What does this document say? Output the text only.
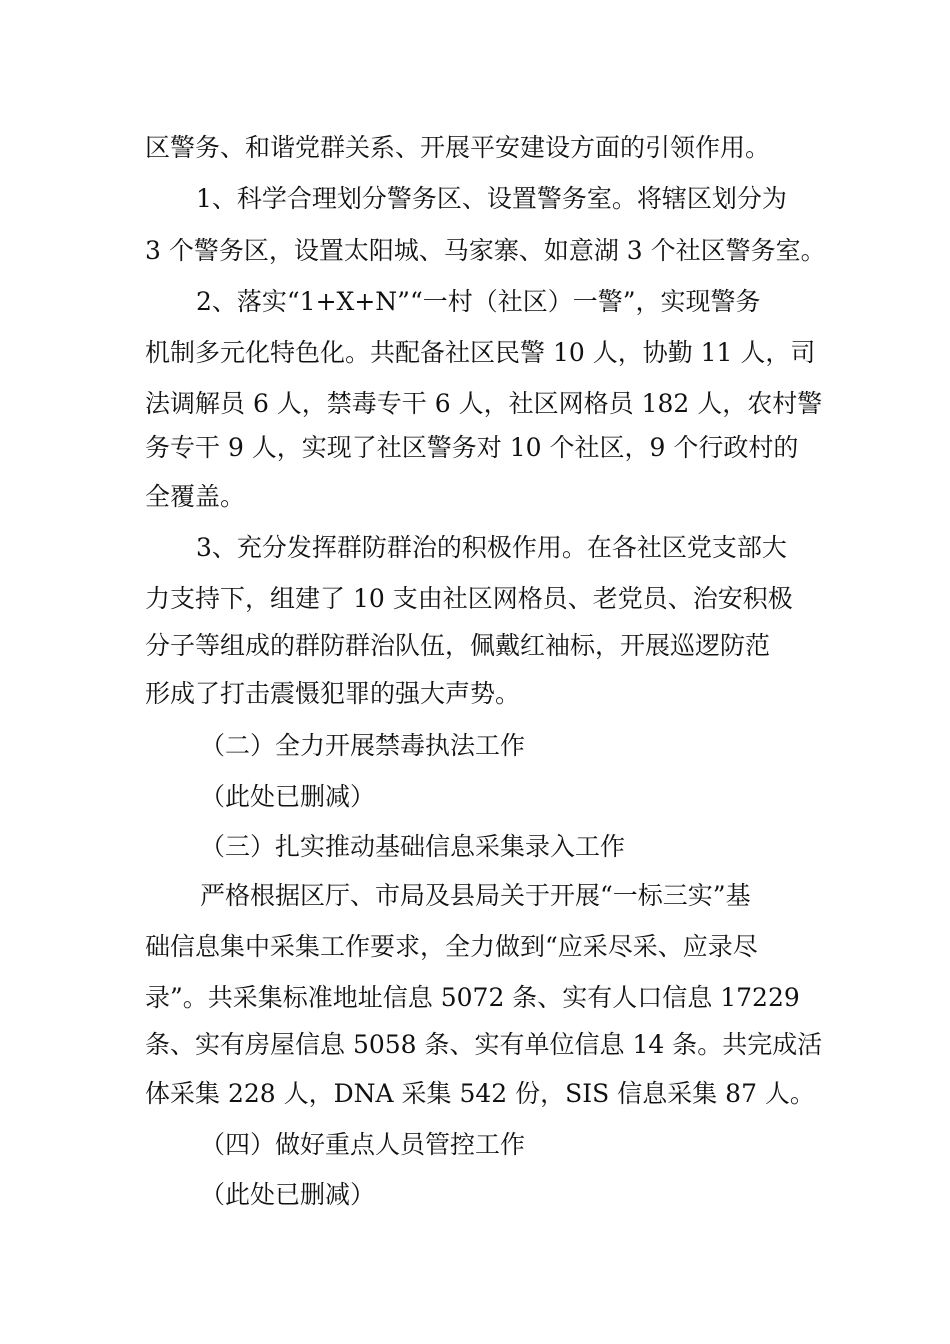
区警务、和谐党群关系、开展平安建设方面的引领作用。
1、科学合理划分警务区、设置警务室。将辖区划分为
3 个警务区，设置太阳城、马家寨、如意湖 3 个社区警务室。
2、落实“1+X+N”“一村（社区）一警”，实现警务
机制多元化特色化。共配备社区民警 10 人，协勤 11 人，司
法调解员 6 人，禁毒专干 6 人，社区网格员 182 人，农村警
务专干 9 人，实现了社区警务对 10 个社区，9 个行政村的
全覆盖。
3、充分发挥群防群治的积极作用。在各社区党支部大
力支持下，组建了 10 支由社区网格员、老党员、治安积极
分子等组成的群防群治队伍，佩戴红袖标，开展巡逻防范
形成了打击震慑犯罪的强大声势。
（二）全力开展禁毒执法工作
（此处已删减）
（三）扎实推动基础信息采集录入工作
严格根据区厅、市局及县局关于开展“一标三实”基
础信息集中采集工作要求，全力做到“应采尽采、应录尽
录”。共采集标准地址信息 5072 条、实有人口信息 17229
条、实有房屋信息 5058 条、实有单位信息 14 条。共完成活
体采集 228 人，DNA 采集 542 份，SIS 信息采集 87 人。
（四）做好重点人员管控工作
（此处已删减）
